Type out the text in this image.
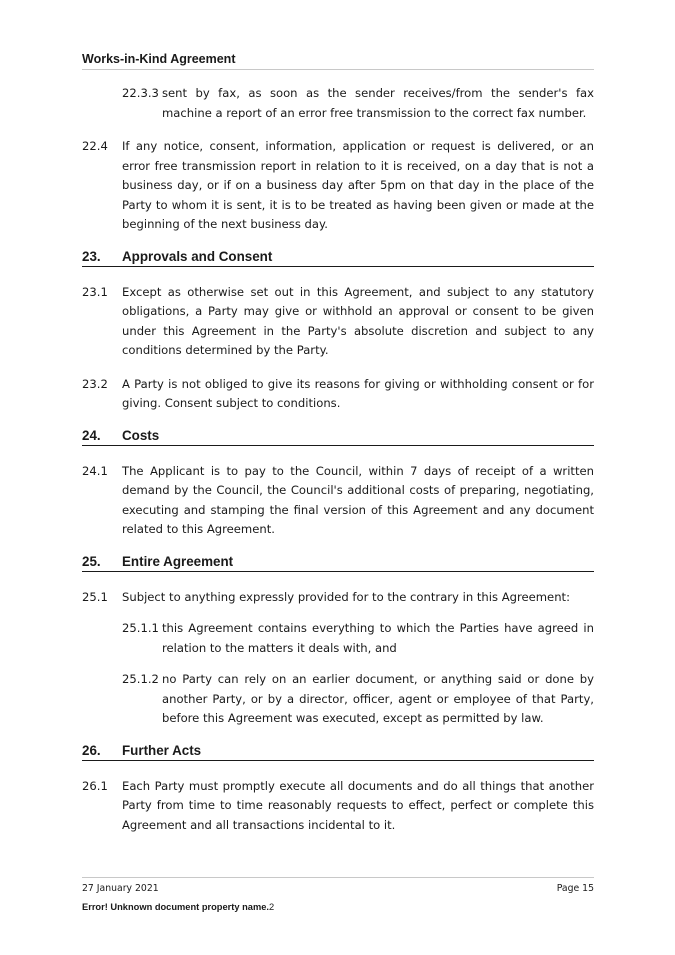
Works-in-Kind Agreement
22.3.3 sent by fax, as soon as the sender receives/from the sender's fax machine a report of an error free transmission to the correct fax number.
22.4	If any notice, consent, information, application or request is delivered, or an error free transmission report in relation to it is received, on a day that is not a business day, or if on a business day after 5pm on that day in the place of the Party to whom it is sent, it is to be treated as having been given or made at the beginning of the next business day.
23.	Approvals and Consent
23.1	Except as otherwise set out in this Agreement, and subject to any statutory obligations, a Party may give or withhold an approval or consent to be given under this Agreement in the Party's absolute discretion and subject to any conditions determined by the Party.
23.2	A Party is not obliged to give its reasons for giving or withholding consent or for giving. Consent subject to conditions.
24.	Costs
24.1	The Applicant is to pay to the Council, within 7 days of receipt of a written demand by the Council, the Council's additional costs of preparing, negotiating, executing and stamping the final version of this Agreement and any document related to this Agreement.
25.	Entire Agreement
25.1	Subject to anything expressly provided for to the contrary in this Agreement:
25.1.1 this Agreement contains everything to which the Parties have agreed in relation to the matters it deals with, and
25.1.2 no Party can rely on an earlier document, or anything said or done by another Party, or by a director, officer, agent or employee of that Party, before this Agreement was executed, except as permitted by law.
26.	Further Acts
26.1	Each Party must promptly execute all documents and do all things that another Party from time to time reasonably requests to effect, perfect or complete this Agreement and all transactions incidental to it.
27 January 2021	Page 15
Error! Unknown document property name.2
